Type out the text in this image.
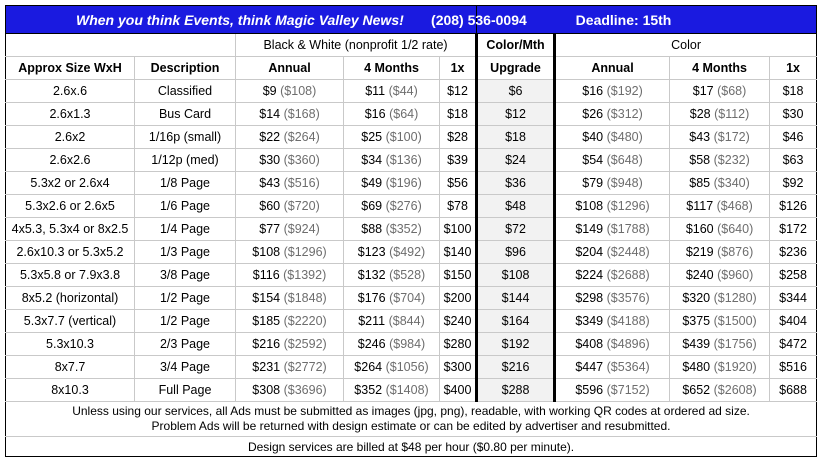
When you think Events, think Magic Valley News!					(208) 536-0094 Deadline: 15th			
		Black & White (nonprofit 1/2 rate)			Color/Mth	Color		
Approx Size WxH	Description	Annual	4 Months	1x	Upgrade	Annual	4 Months	1x
2.6x.6	Classified	$9 ($108)	$11 ($44)	$12	$6	$16 ($192)	$17 ($68)	$18
2.6x1.3	Bus Card	$14 ($168)	$16 ($64)	$18	$12	$26 ($312)	$28 ($112)	$30
2.6x2	1/16p (small)	$22 ($264)	$25 ($100)	$28	$18	$40 ($480)	$43 ($172)	$46
2.6x2.6	1/12p (med)	$30 ($360)	$34 ($136)	$39	$24	$54 ($648)	$58 ($232)	$63
5.3x2 or 2.6x4	1/8 Page	$43 ($516)	$49 ($196)	$56	$36	$79 ($948)	$85 ($340)	$92
5.3x2.6 or 2.6x5	1/6 Page	$60 ($720)	$69 ($276)	$78	$48	$108 ($1296)	$117 ($468)	$126
4x5.3, 5.3x4 or 8x2.5	1/4 Page	$77 ($924)	$88 ($352)	$100	$72	$149 ($1788)	$160 ($640)	$172
2.6x10.3 or 5.3x5.2	1/3 Page	$108 ($1296)	$123 ($492)	$140	$96	$204 ($2448)	$219 ($876)	$236
5.3x5.8 or 7.9x3.8	3/8 Page	$116 ($1392)	$132 ($528)	$150	$108	$224 ($2688)	$240 ($960)	$258
8x5.2 (horizontal)	1/2 Page	$154 ($1848)	$176 ($704)	$200	$144	$298 ($3576)	$320 ($1280)	$344
5.3x7.7 (vertical)	1/2 Page	$185 ($2220)	$211 ($844)	$240	$164	$349 ($4188)	$375 ($1500)	$404
5.3x10.3	2/3 Page	$216 ($2592)	$246 ($984)	$280	$192	$408 ($4896)	$439 ($1756)	$472
8x7.7	3/4 Page	$231 ($2772)	$264 ($1056)	$300	$216	$447 ($5364)	$480 ($1920)	$516
8x10.3	Full Page	$308 ($3696)	$352 ($1408)	$400	$288	$596 ($7152)	$652 ($2608)	$688

Unless using our services, all Ads must be submitted as images (jpg, png), readable, with working QR codes at ordered ad size.
Problem Ads will be returned with design estimate or can be edited by advertiser and resubmitted.								

Design services are billed at $48 per hour ($0.80 per minute).								
